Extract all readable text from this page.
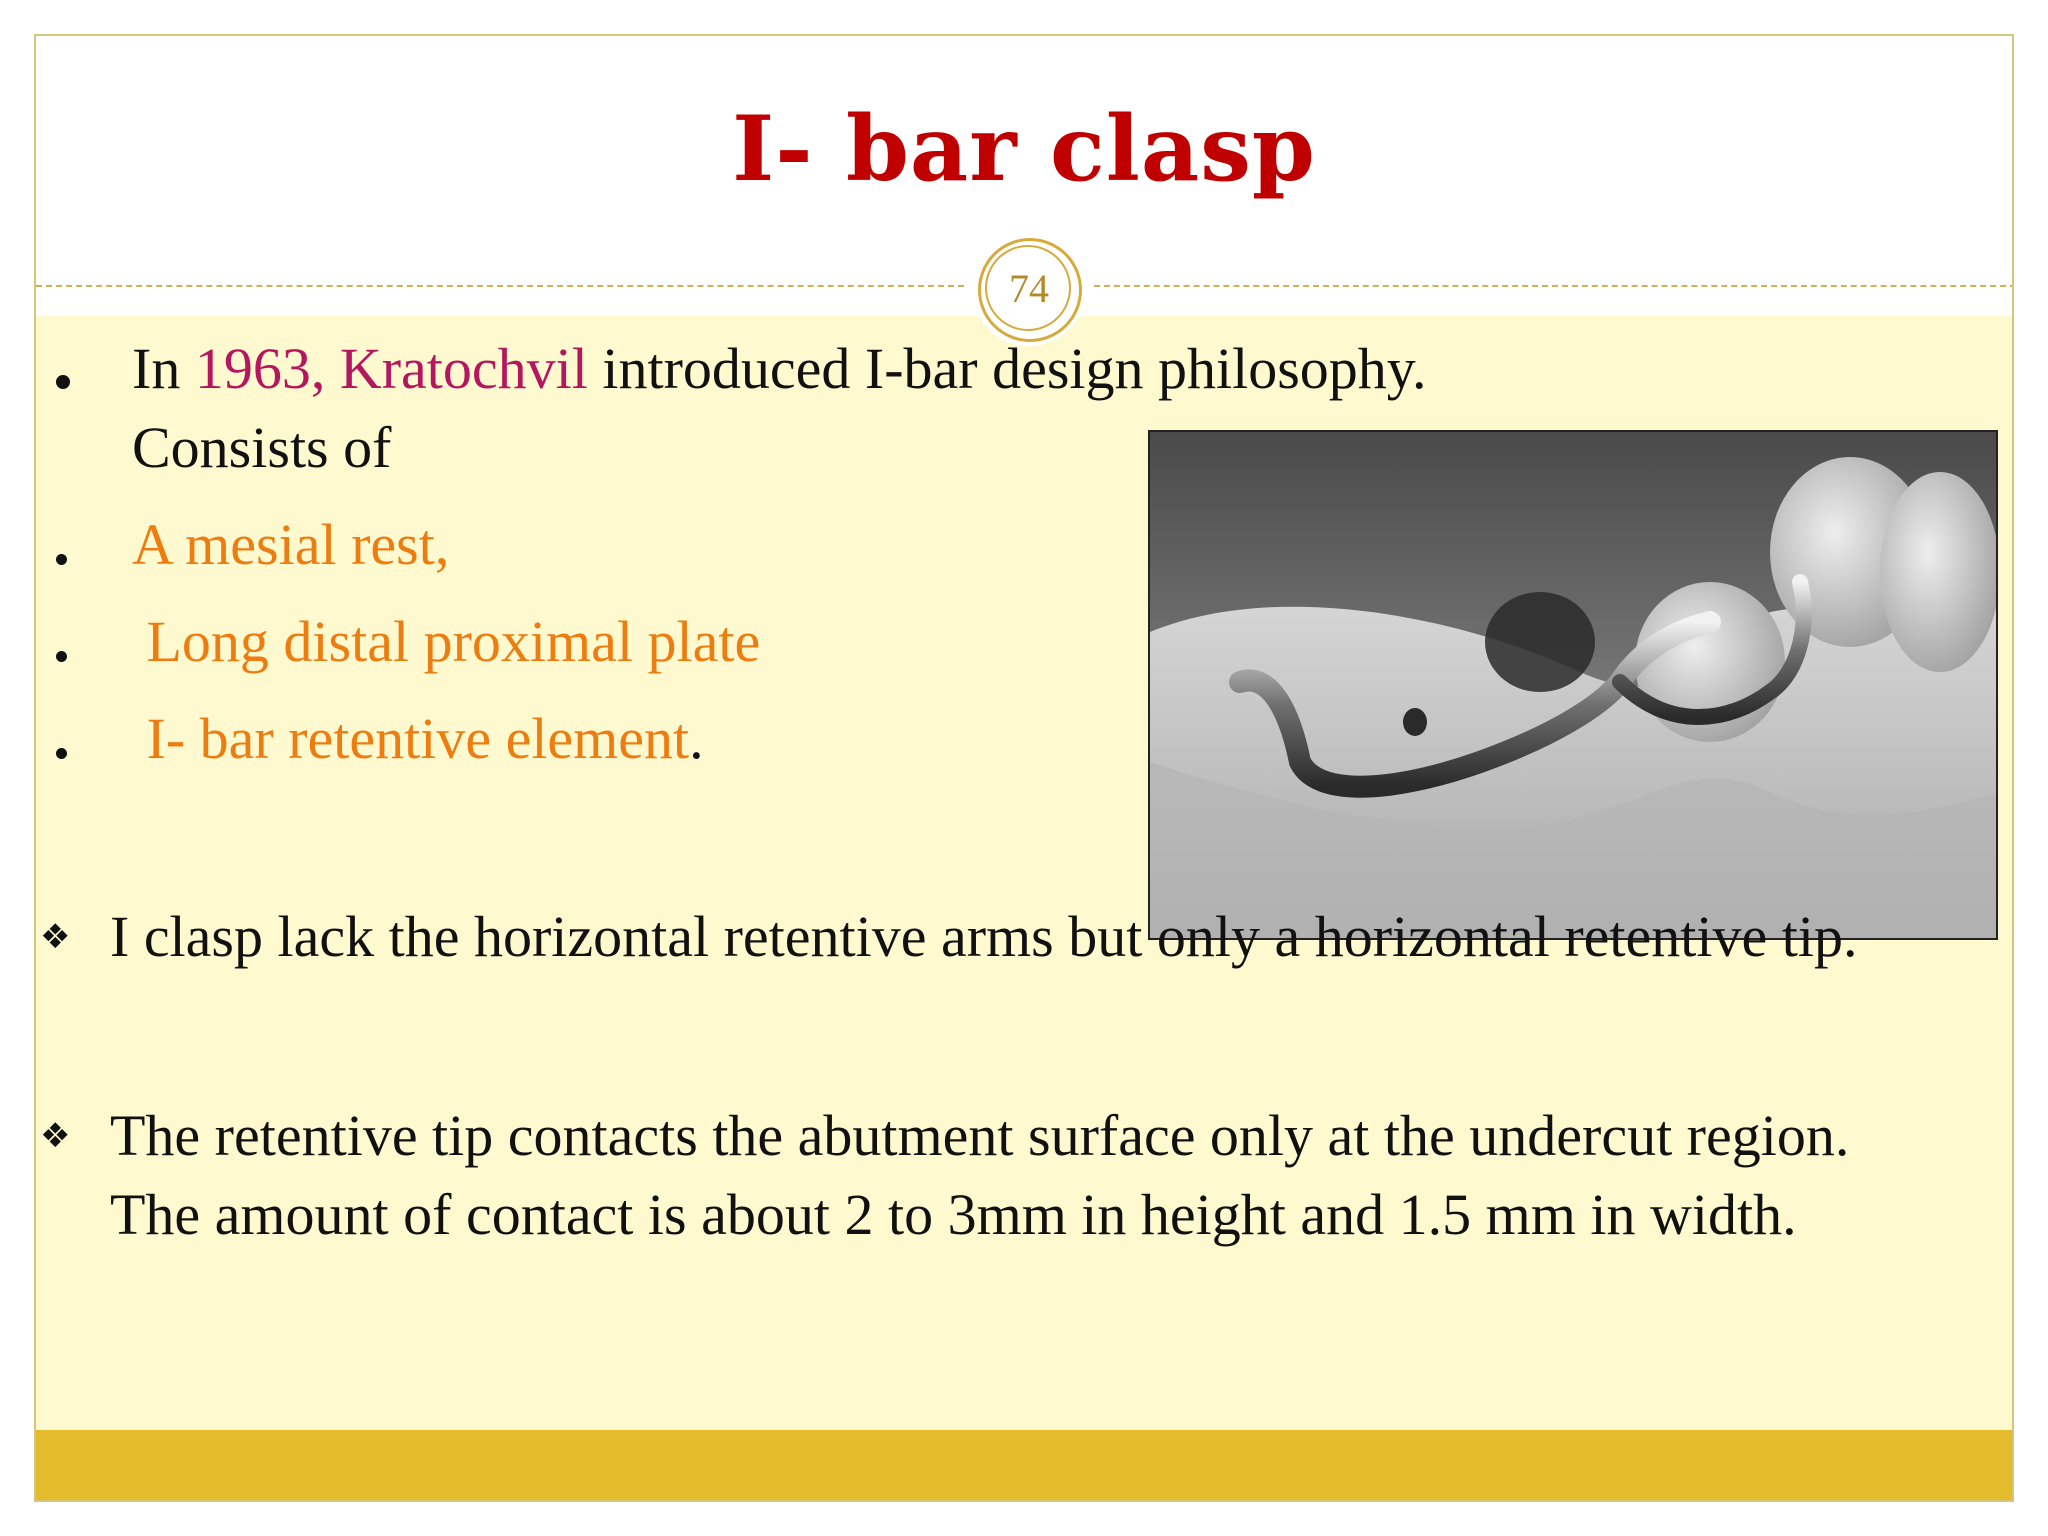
I- bar clasp
74
In 1963, Kratochvil introduced I-bar design philosophy.
Consists of
A mesial rest,
Long distal proximal plate
I- bar retentive element.
❖ I clasp lack the horizontal retentive arms but only a horizontal retentive tip.
❖ The retentive tip contacts the abutment surface only at the undercut region. The amount of contact is about 2 to 3mm in height and 1.5 mm in width.
